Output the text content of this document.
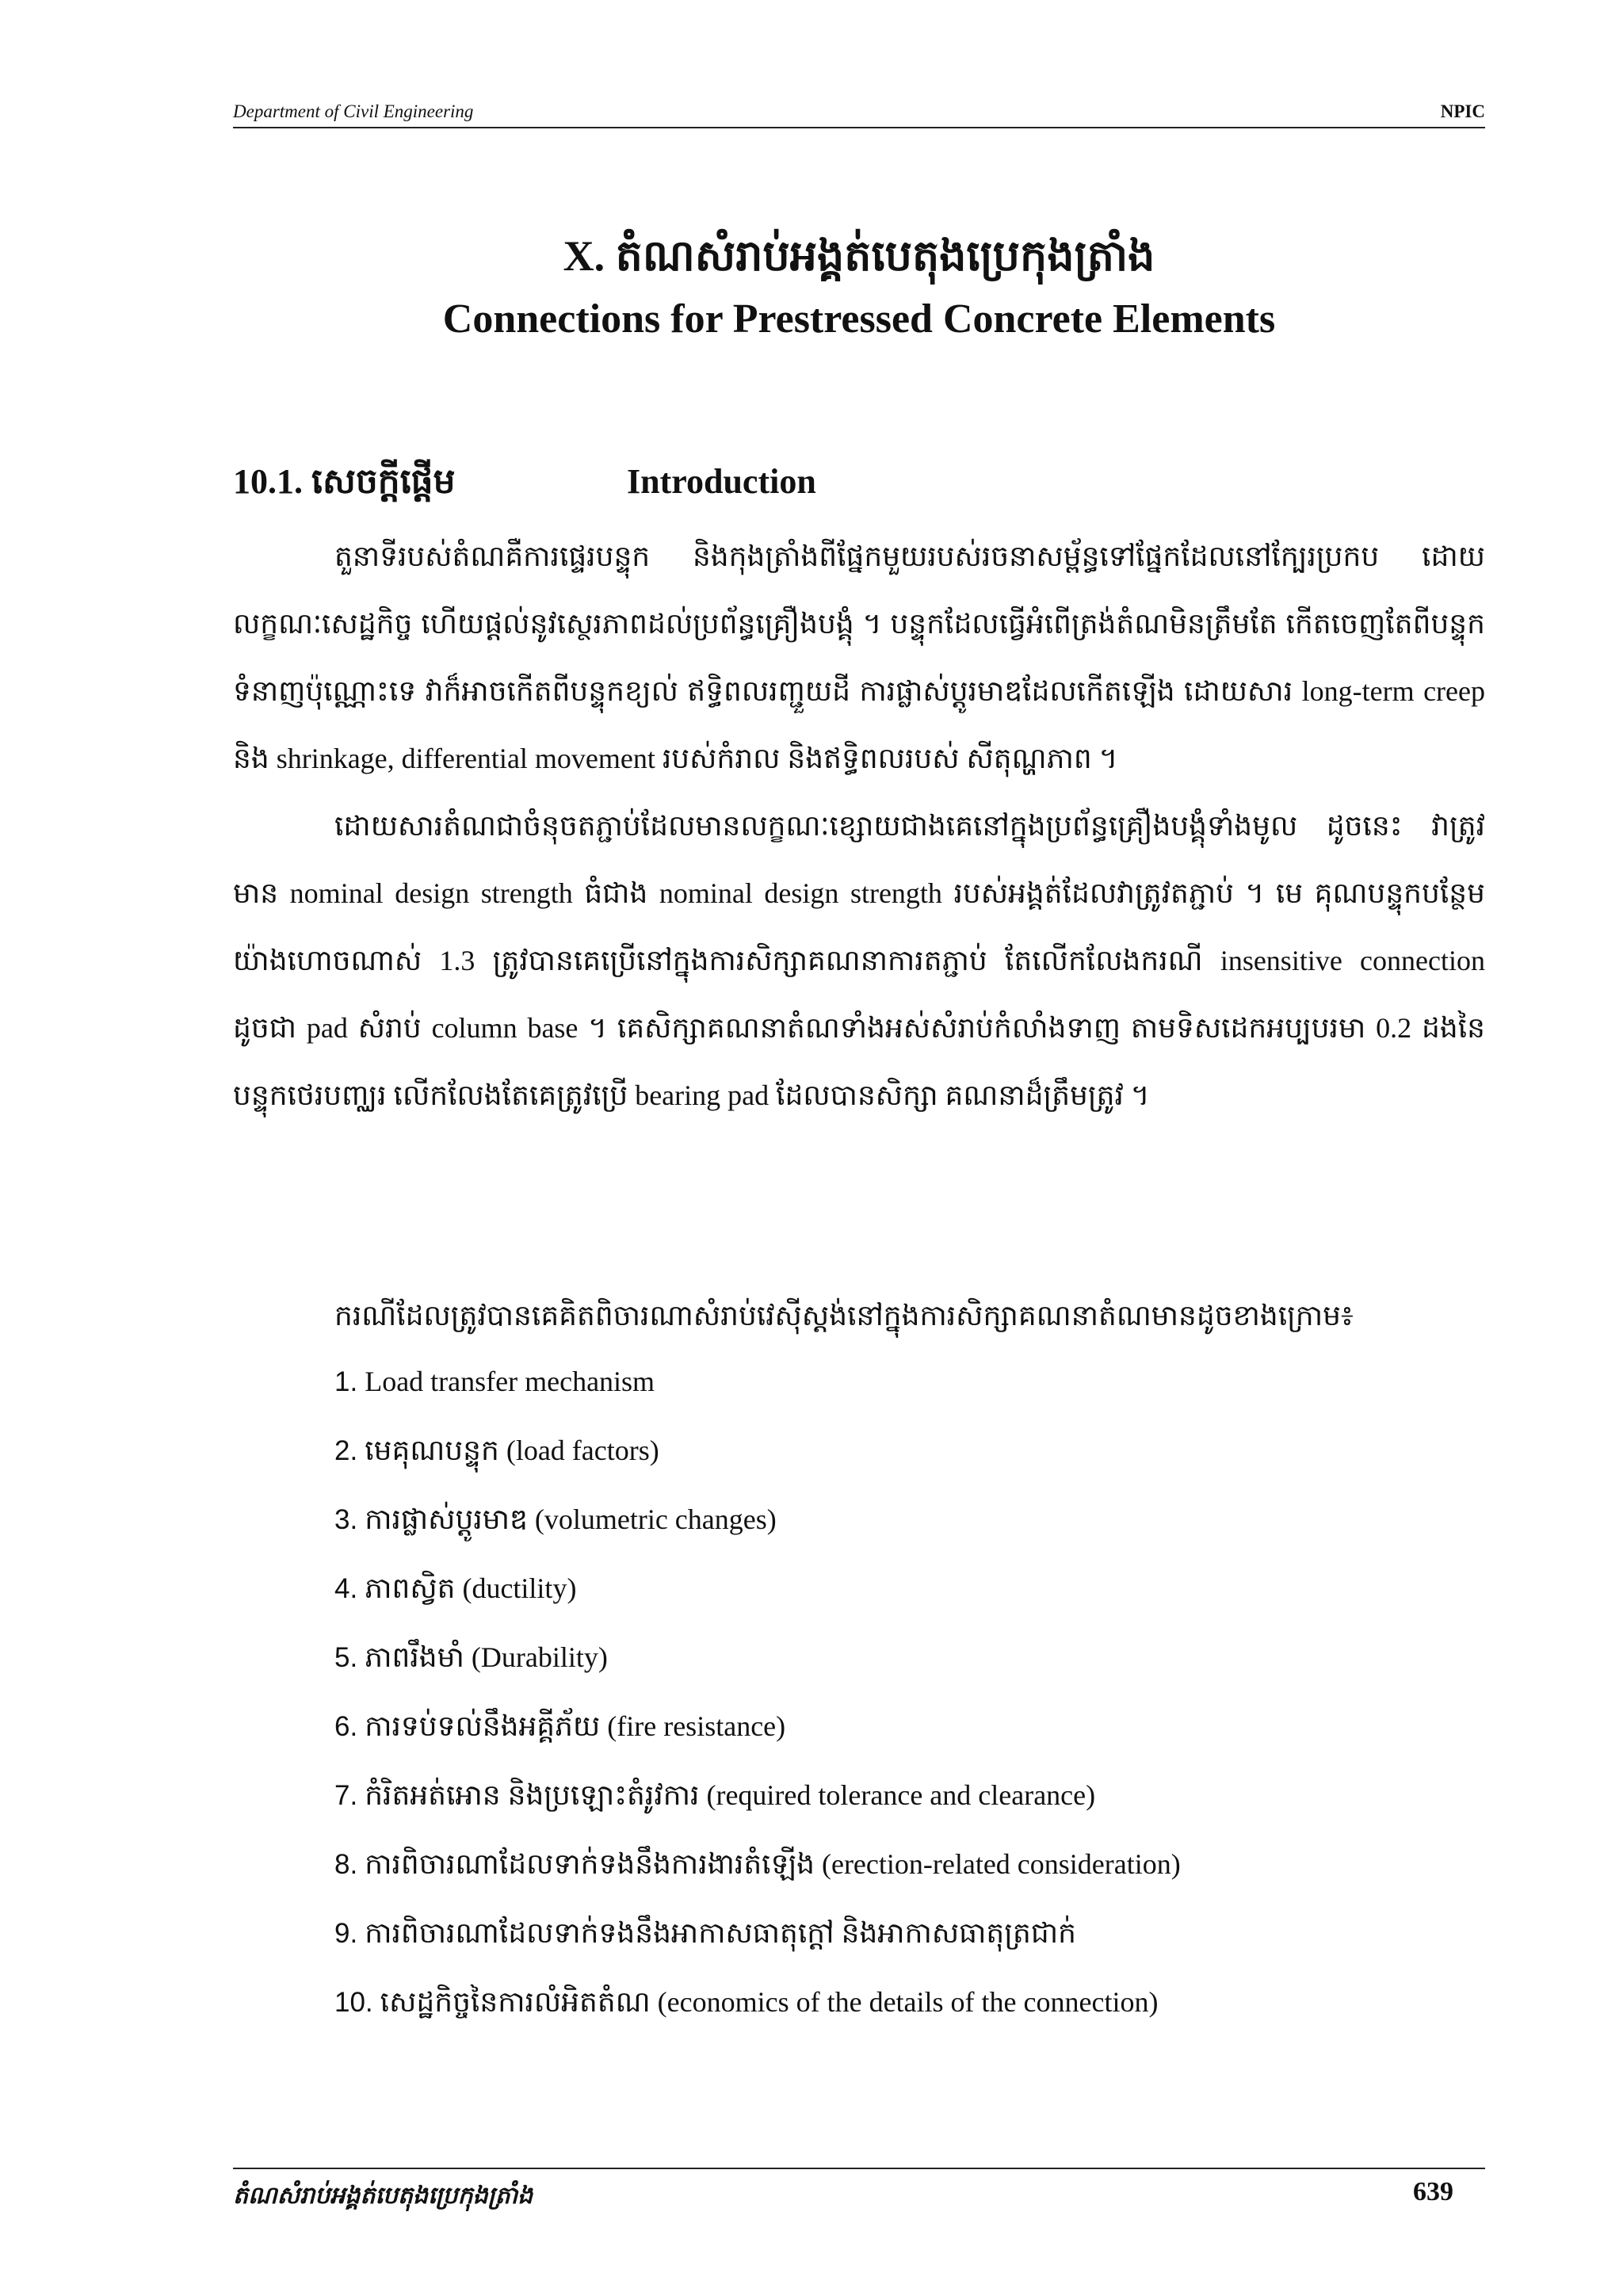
Department of Civil Engineering	NPIC
X. តំណសំរាប់អង្គត់បេតុងប្រេកុងត្រាំង
Connections for Prestressed Concrete Elements
10.1. សេចក្តីផ្តើម	Introduction

តួនាទីរបស់តំណគឺការផ្ទេរបន្ទុក និងកុងត្រាំងពីផ្នែកមួយរបស់រចនាសម្ព័ន្ធទៅផ្នែកដែលនៅក្បែរប្រកប ដោយលក្ខណៈសេដ្ឋកិច្ច ហើយផ្តល់នូវស្ថេរភាពដល់ប្រព័ន្ធគ្រឿងបង្គុំ ។ បន្ទុកដែលធ្វើអំពើត្រង់តំណមិនត្រឹមតែ កើតចេញតែពីបន្ទុកទំនាញប៉ុណ្ណោះទេ វាក៏អាចកើតពីបន្ទុកខ្យល់ ឥទ្ធិពលរញ្ជួយដី ការផ្លាស់ប្តូរមាឌដែលកើតឡើង ដោយសារ long-term creep និង shrinkage, differential movement របស់កំរាល និងឥទ្ធិពលរបស់ សីតុណ្ហភាព ។

ដោយសារតំណជាចំនុចតភ្ជាប់ដែលមានលក្ខណៈខ្សោយជាងគេនៅក្នុងប្រព័ន្ធគ្រឿងបង្គុំទាំងមូល ដូចនេះ វាត្រូវមាន nominal design strength ធំជាង nominal design strength របស់អង្គត់ដែលវាត្រូវតភ្ជាប់ ។ មេ គុណបន្ទុកបន្ថែមយ៉ាងហោចណាស់ 1.3 ត្រូវបានគេប្រើនៅក្នុងការសិក្សាគណនាការតភ្ជាប់ តែលើកលែងករណី insensitive connection ដូចជា pad សំរាប់ column base ។ គេសិក្សាគណនាតំណទាំងអស់សំរាប់កំលាំងទាញ តាមទិសដេកអប្បបរមា 0.2 ដងនៃបន្ទុកថេរបញ្ឈរ លើកលែងតែគេត្រូវប្រើ bearing pad ដែលបានសិក្សា គណនាដ៏ត្រឹមត្រូវ ។

ករណីដែលត្រូវបានគេគិតពិចារណាសំរាប់វេស៊ីស្តង់នៅក្នុងការសិក្សាគណនាតំណមានដូចខាងក្រោម៖
1. Load transfer mechanism
2. មេគុណបន្ទុក (load factors)
3. ការផ្លាស់ប្តូរមាឌ (volumetric changes)
4. ភាពស្វិត (ductility)
5. ភាពរឹងមាំ (Durability)
6. ការទប់ទល់នឹងអគ្គីភ័យ (fire resistance)
7. កំរិតអត់អោន និងប្រឡោះតំរូវការ (required tolerance and clearance)
8. ការពិចារណាដែលទាក់ទងនឹងការងារតំឡើង (erection-related consideration)
9. ការពិចារណាដែលទាក់ទងនឹងអាកាសធាតុក្តៅ និងអាកាសធាតុត្រជាក់
10. សេដ្ឋកិច្ចនៃការលំអិតតំណ (economics of the details of the connection)
តំណសំរាប់អង្គត់បេតុងប្រេកុងត្រាំង	639
